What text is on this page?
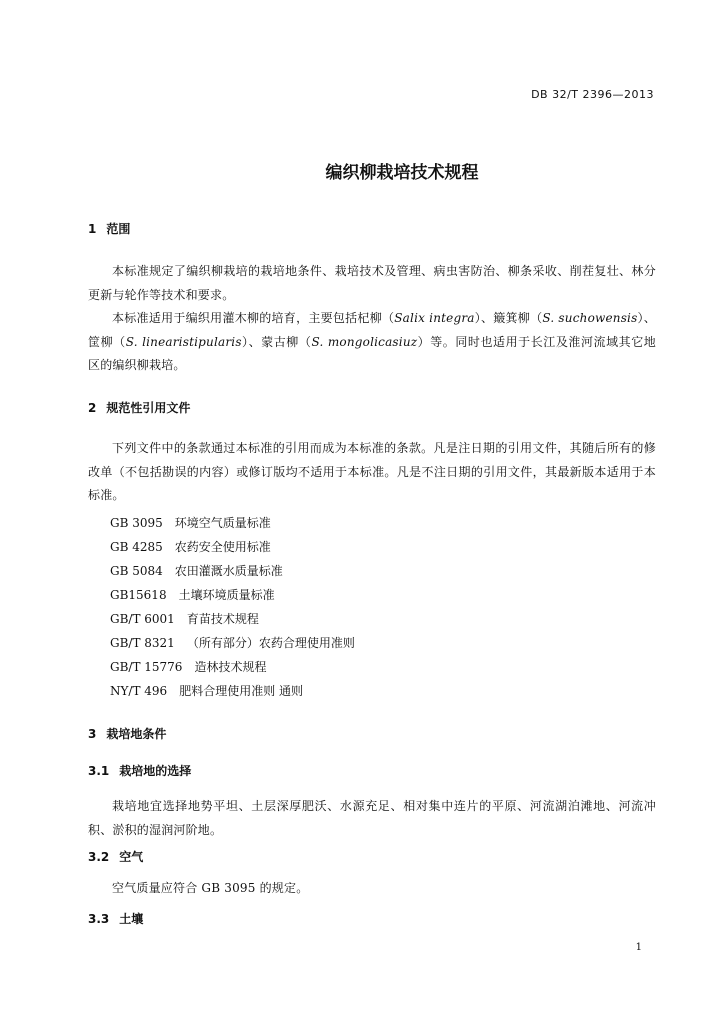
DB 32/T 2396—2013
编织柳栽培技术规程
1 范围
本标准规定了编织柳栽培的栽培地条件、栽培技术及管理、病虫害防治、柳条采收、削茬复壮、林分更新与轮作等技术和要求。
本标准适用于编织用灌木柳的培育，主要包括杞柳（Salix integra）、簸箕柳（S. suchowensis）、筐柳（S. linearistipularis）、蒙古柳（S. mongolicasiuz）等。同时也适用于长江及淮河流域其它地区的编织柳栽培。
2 规范性引用文件
下列文件中的条款通过本标准的引用而成为本标准的条款。凡是注日期的引用文件，其随后所有的修改单（不包括勘误的内容）或修订版均不适用于本标准。凡是不注日期的引用文件，其最新版本适用于本标准。
GB 3095 环境空气质量标准
GB 4285 农药安全使用标准
GB 5084 农田灌溉水质量标准
GB15618 土壤环境质量标准
GB/T 6001 育苗技术规程
GB/T 8321 （所有部分）农药合理使用准则
GB/T 15776 造林技术规程
NY/T 496 肥料合理使用准则 通则
3 栽培地条件
3.1 栽培地的选择
栽培地宜选择地势平坦、土层深厚肥沃、水源充足、相对集中连片的平原、河流湖泊滩地、河流冲积、淤积的湿润河阶地。
3.2 空气
空气质量应符合 GB 3095 的规定。
3.3 土壤
1
